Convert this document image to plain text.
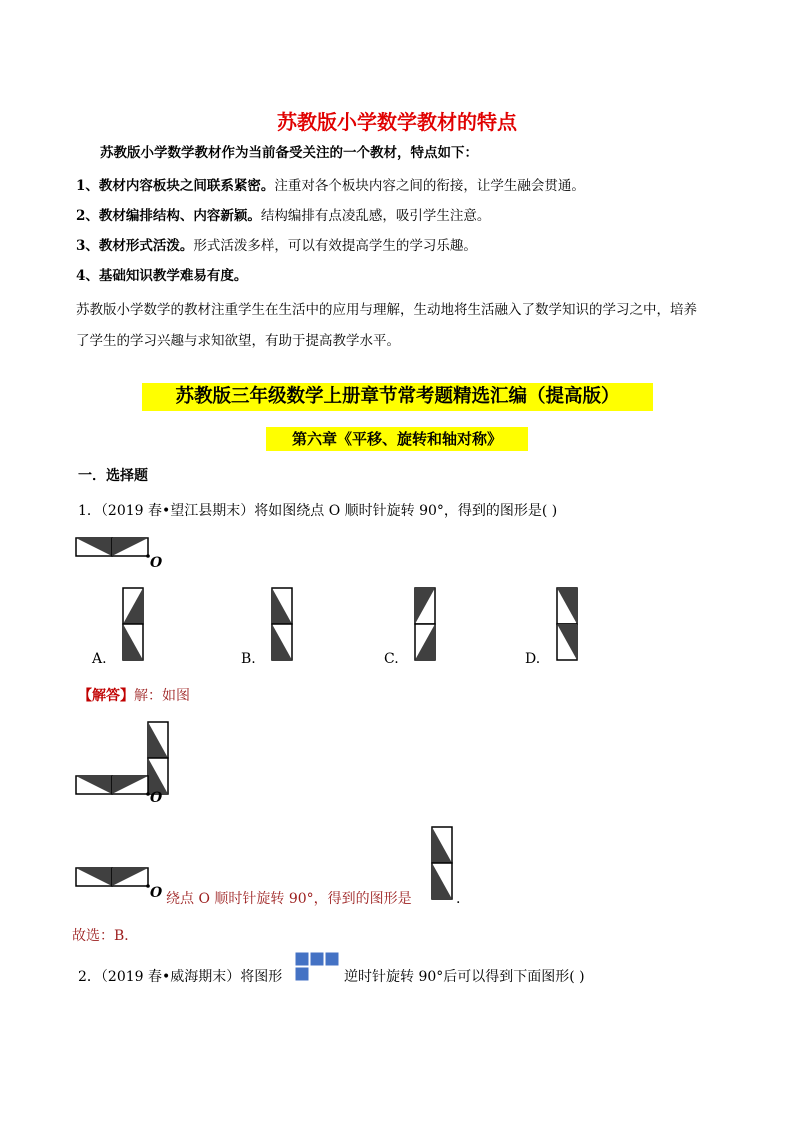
苏教版小学数学教材的特点
苏教版小学数学教材作为当前备受关注的一个教材，特点如下：
1、教材内容板块之间联系紧密。注重对各个板块内容之间的衔接，让学生融会贯通。
2、教材编排结构、内容新颖。结构编排有点凌乱感，吸引学生注意。
3、教材形式活泼。形式活泼多样，可以有效提高学生的学习乐趣。
4、基础知识教学难易有度。
苏教版小学数学的教材注重学生在生活中的应用与理解，生动地将生活融入了数学知识的学习之中，培养
了学生的学习兴趣与求知欲望，有助于提高教学水平。
苏教版三年级数学上册章节常考题精选汇编（提高版）
第六章《平移、旋转和轴对称》
一．选择题
1．（2019 春•望江县期末）将如图绕点 O 顺时针旋转 90°，得到的图形是( )
O
A.	B.	C.	D.
【解答】解：如图
O
O 绕点 O 顺时针旋转 90°，得到的图形是	.
故选：B．
2．（2019 春•威海期末）将图形	逆时针旋转 90°后可以得到下面图形( )
